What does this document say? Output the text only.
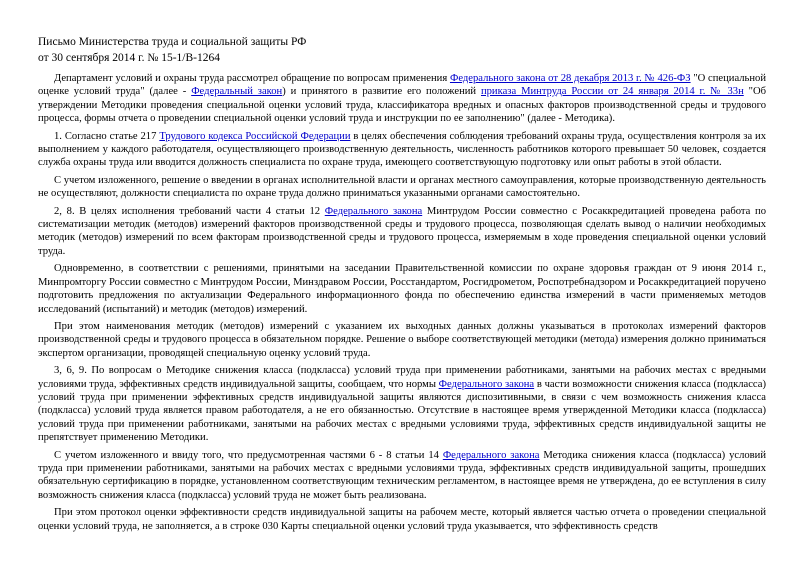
Письмо Министерства труда и социальной защиты РФ
от 30 сентября 2014 г. № 15-1/В-1264

Департамент условий и охраны труда рассмотрел обращение по вопросам применения Федерального закона от 28 декабря 2013 г. № 426-ФЗ "О специальной оценке условий труда" (далее - Федеральный закон) и принятого в развитие его положений приказа Минтруда России от 24 января 2014 г. № 33н "Об утверждении Методики проведения специальной оценки условий труда, классификатора вредных и опасных факторов производственной среды и трудового процесса, формы отчета о проведении специальной оценки условий труда и инструкции по ее заполнению" (далее - Методика).

1. Согласно статье 217 Трудового кодекса Российской Федерации в целях обеспечения соблюдения требований охраны труда, осуществления контроля за их выполнением у каждого работодателя, осуществляющего производственную деятельность, численность работников которого превышает 50 человек, создается служба охраны труда или вводится должность специалиста по охране труда, имеющего соответствующую подготовку или опыт работы в этой области.

С учетом изложенного, решение о введении в органах исполнительной власти и органах местного самоуправления, которые производственную деятельность не осуществляют, должности специалиста по охране труда должно приниматься указанными органами самостоятельно.

2, 8. В целях исполнения требований части 4 статьи 12 Федерального закона Минтрудом России совместно с Росаккредитацией проведена работа по систематизации методик (методов) измерений факторов производственной среды и трудового процесса, позволяющая сделать вывод о наличии необходимых методик (методов) измерений по всем факторам производственной среды и трудового процесса, измеряемым в ходе проведения специальной оценки условий труда.

Одновременно, в соответствии с решениями, принятыми на заседании Правительственной комиссии по охране здоровья граждан от 9 июня 2014 г., Минпромторгу России совместно с Минтрудом России, Минздравом России, Росстандартом, Росгидрометом, Роспотребнадзором и Росаккредитацией поручено подготовить предложения по актуализации Федерального информационного фонда по обеспечению единства измерений в части применяемых методов исследований (испытаний) и методик (методов) измерений.

При этом наименования методик (методов) измерений с указанием их выходных данных должны указываться в протоколах измерений факторов производственной среды и трудового процесса в обязательном порядке. Решение о выборе соответствующей методики (метода) измерения должно приниматься экспертом организации, проводящей специальную оценку условий труда.

3, 6, 9. По вопросам о Методике снижения класса (подкласса) условий труда при применении работниками, занятыми на рабочих местах с вредными условиями труда, эффективных средств индивидуальной защиты, сообщаем, что нормы Федерального закона в части возможности снижения класса (подкласса) условий труда при применении эффективных средств индивидуальной защиты являются диспозитивными, в связи с чем возможность снижения класса (подкласса) условий труда является правом работодателя, а не его обязанностью. Отсутствие в настоящее время утвержденной Методики класса (подкласса) условий труда при применении работниками, занятыми на рабочих местах с вредными условиями труда, эффективных средств индивидуальной защиты не препятствует применению Методики.

С учетом изложенного и ввиду того, что предусмотренная частями 6 - 8 статьи 14 Федерального закона Методика снижения класса (подкласса) условий труда при применении работниками, занятыми на рабочих местах с вредными условиями труда, эффективных средств индивидуальной защиты, прошедших обязательную сертификацию в порядке, установленном соответствующим техническим регламентом, в настоящее время не утверждена, до ее вступления в силу возможность снижения класса (подкласса) условий труда не может быть реализована.

При этом протокол оценки эффективности средств индивидуальной защиты на рабочем месте, который является частью отчета о проведении специальной оценки условий труда, не заполняется, а в строке 030 Карты специальной оценки условий труда указывается, что эффективность средств
